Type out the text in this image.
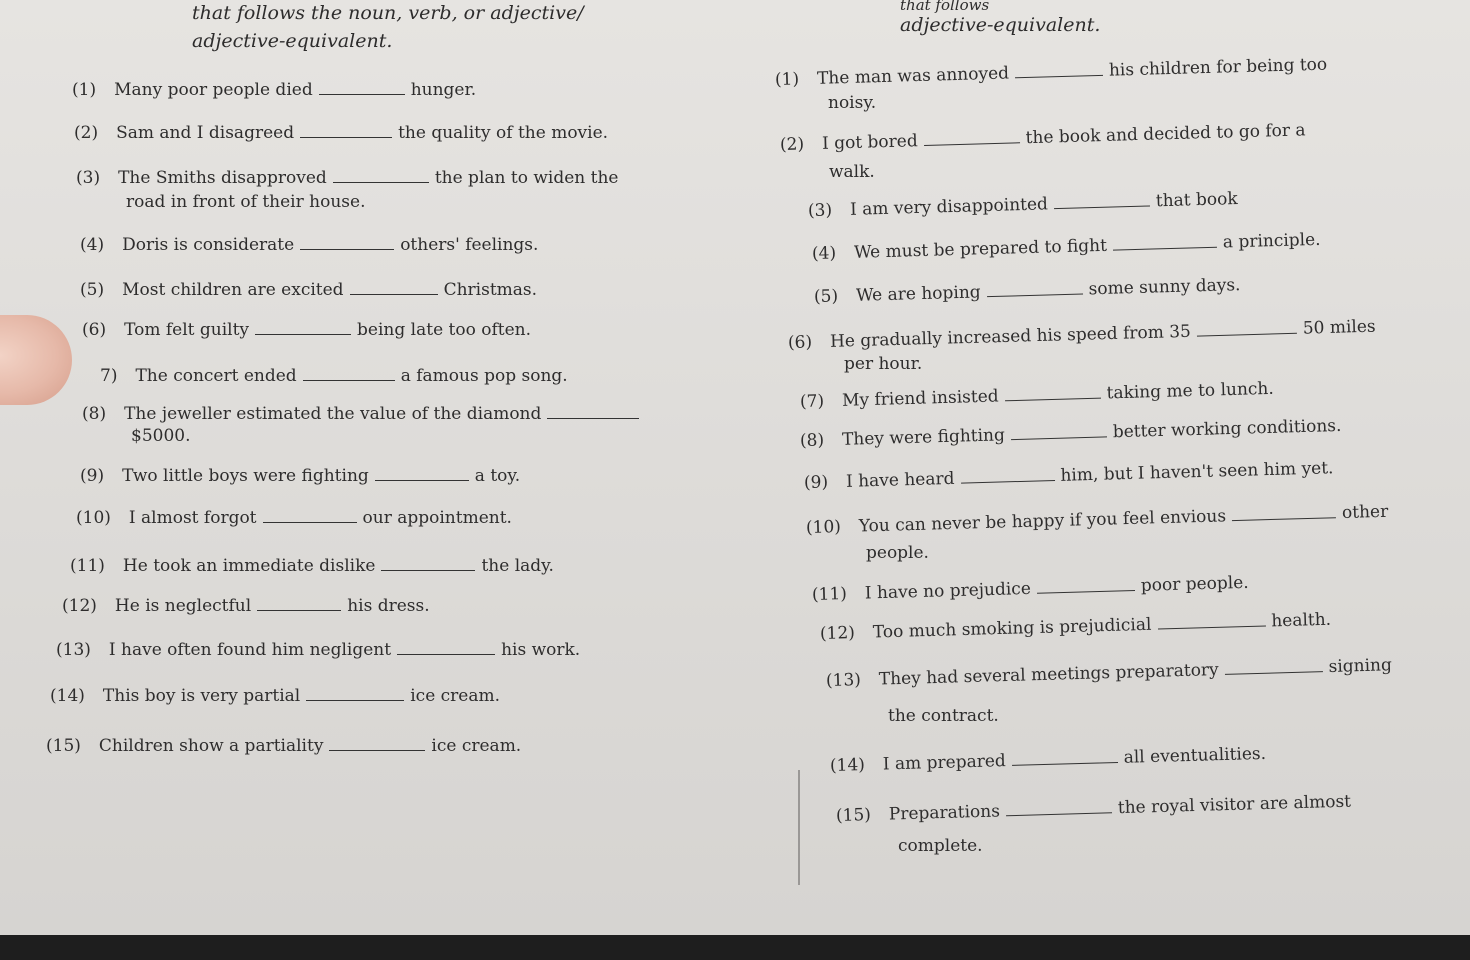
that follows the noun, verb, or adjective/
adjective-equivalent.
that follows
adjective-equivalent.
(1) Many poor people died	hunger.
(2) Sam and I disagreed	the quality of the movie.
(3) The Smiths disapproved	the plan to widen the
road in front of their house.
(4) Doris is considerate	others' feelings.
(5) Most children are excited	Christmas.
(6) Tom felt guilty	being late too often.
7) The concert ended	a famous pop song.
(8) The jeweller estimated the value of the diamond
$5000.
(9) Two little boys were fighting	a toy.
(10) I almost forgot	our appointment.
(11) He took an immediate dislike	the lady.
(12) He is neglectful	his dress.
(13) I have often found him negligent	his work.
(14) This boy is very partial	ice cream.
(15) Children show a partiality	ice cream.
(1) The man was annoyed	his children for being too
noisy.
(2) I got bored	the book and decided to go for a
walk.
(3) I am very disappointed	that book
(4) We must be prepared to fight	a principle.
(5) We are hoping	some sunny days.
(6) He gradually increased his speed from 35	50 miles
per hour.
(7) My friend insisted	taking me to lunch.
(8) They were fighting	better working conditions.
(9) I have heard	him, but I haven't seen him yet.
(10) You can never be happy if you feel envious	other
people.
(11) I have no prejudice	poor people.
(12) Too much smoking is prejudicial	health.
(13) They had several meetings preparatory	signing
the contract.
(14) I am prepared	all eventualities.
(15) Preparations	the royal visitor are almost
complete.
